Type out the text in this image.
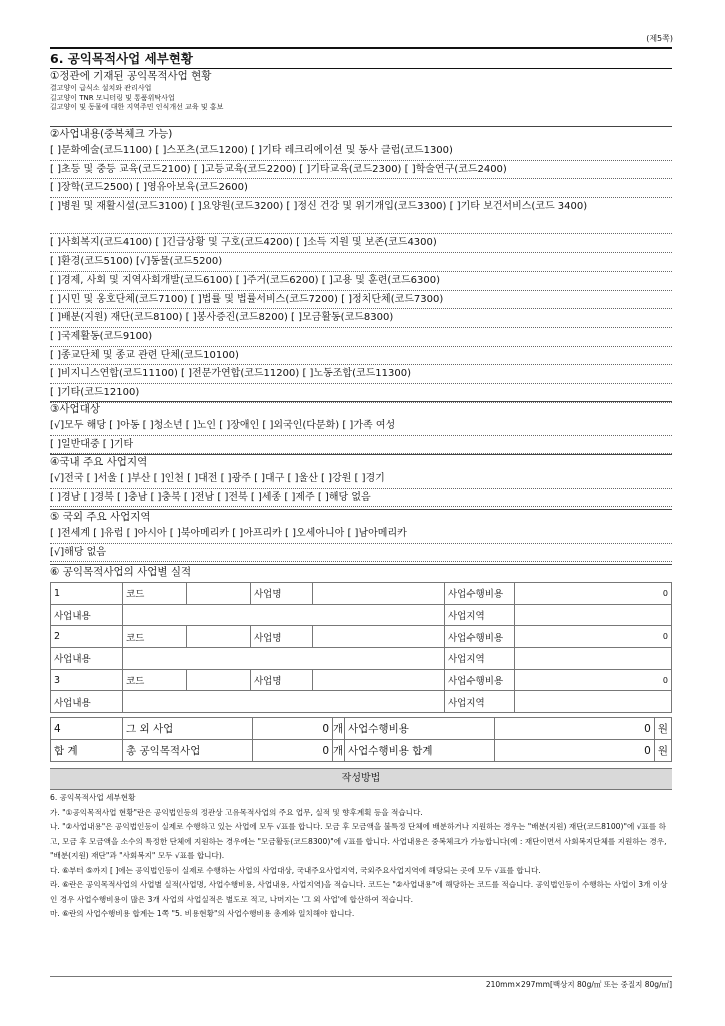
(제5쪽)
6. 공익목적사업 세부현황
①정관에 기재된 공익목적사업 현황
결고양이 급식소 설치와 관리사업
길고양이 TNR 모니터링 및 통품위탁사업
길고양이 및 동물에 대한 지역주민 인식개선 교육 및 홍보
②사업내용(중복체크 가능)
[ ]문화예술(코드1100) [ ]스포츠(코드1200) [ ]기타 레크리에이션 및 동사 클럽(코드1300)
[ ]초등 및 중등 교육(코드2100) [ ]고등교육(코드2200) [ ]기타교육(코드2300) [ ]학술연구(코드2400)
[ ]장학(코드2500) [ ]영유아보육(코드2600)
[ ]병원 및 재활시설(코드3100) [ ]요양원(코드3200) [ ]정신 건강 및 위기개입(코드3300) [ ]기타 보건서비스(코드 3400)
[ ]사회복지(코드4100) [ ]긴급상황 및 구호(코드4200) [ ]소득 지원 및 보존(코드4300)
[ ]환경(코드5100) [√]동물(코드5200)
[ ]경제, 사회 및 지역사회개발(코드6100) [ ]주거(코드6200) [ ]고용 및 훈련(코드6300)
[ ]시민 및 옹호단체(코드7100) [ ]법률 및 법률서비스(코드7200) [ ]정치단체(코드7300)
[ ]배분(지원) 재단(코드8100) [ ]봉사증진(코드8200) [ ]모금활동(코드8300)
[ ]국제활동(코드9100)
[ ]종교단체 및 종교 관련 단체(코드10100)
[ ]비지니스연합(코드11100) [ ]전문가연합(코드11200) [ ]노동조합(코드11300)
[ ]기타(코드12100)
③사업대상
[√]모두 해당 [ ]아동 [ ]청소년 [ ]노인 [ ]장애인 [ ]외국인(다문화) [ ]가족 여성
[ ]일반대중 [ ]기타
④국내 주요 사업지역
[√]전국 [ ]서울 [ ]부산 [ ]인천 [ ]대전 [ ]광주 [ ]대구 [ ]울산 [ ]강원 [ ]경기
[ ]경남 [ ]경북 [ ]충남 [ ]충북 [ ]전남 [ ]전북 [ ]세종 [ ]제주 [ ]해당 없음
⑤ 국외 주요 사업지역
[ ]전세계 [ ]유럽 [ ]아시아 [ ]북아메리카 [ ]아프리카 [ ]오세아니아 [ ]남아메리카
[√]해당 없음
⑥ 공익목적사업의 사업별 실적
1	코드		사업명		사업수행비용	0
사업내용					사업지역	
2	코드		사업명		사업수행비용	0
사업내용					사업지역	
3	코드		사업명		사업수행비용	0
사업내용					사업지역	
4	그 외 사업	0	개	사업수행비용	0	원
합 계	총 공익목적사업	0	개	사업수행비용 합계	0	원
작성방법

6. 공익목적사업 세부현황

가. "①공익목적사업 현황"란은 공익법인등의 정관상 고유목적사업의 주요 업무, 실적 및 향후계획 등을 적습니다.

나. "②사업내용"은 공익법인등이 실제로 수행하고 있는 사업에 모두 √표를 합니다. 모금 후 모금액을 불특정 단체에 배분하거나 지원하는 경우는 "배분(지원) 재단(코드8100)"에 √표를 하고, 모금 후 모금액을 소수의 특정한 단체에 지원하는 경우에는 "모금활동(코드8300)"에 √표를 합니다. 사업내용은 중복체크가 가능합니다(예 : 재단이면서 사회복지단체를 지원하는 경우, "배분(지원) 재단"과 "사회복지" 모두 √표를 합니다).

다. ⑥부터 ⑤까지 [ ]에는 공익법인등이 실제로 수행하는 사업의 사업대상, 국내주요사업지역, 국외주요사업지역에 해당되는 곳에 모두 √표를 합니다.

라. ⑥란은 공익목적사업의 사업별 실적(사업명, 사업수행비용, 사업내용, 사업지역)을 적습니다. 코드는 "②사업내용"에 해당하는 코드를 적습니다. 공익법인등이 수행하는 사업이 3개 이상인 경우 사업수행비용이 많은 3개 사업의 사업실적은 별도로 적고, 나머지는 '그 외 사업'에 합산하여 적습니다.

마. ⑥란의 사업수행비용 합계는 1쪽 "5. 비용현황"의 사업수행비용 총계와 일치해야 합니다.

210mm×297mm[백상지 80g/㎡ 또는 중질지 80g/㎡]
